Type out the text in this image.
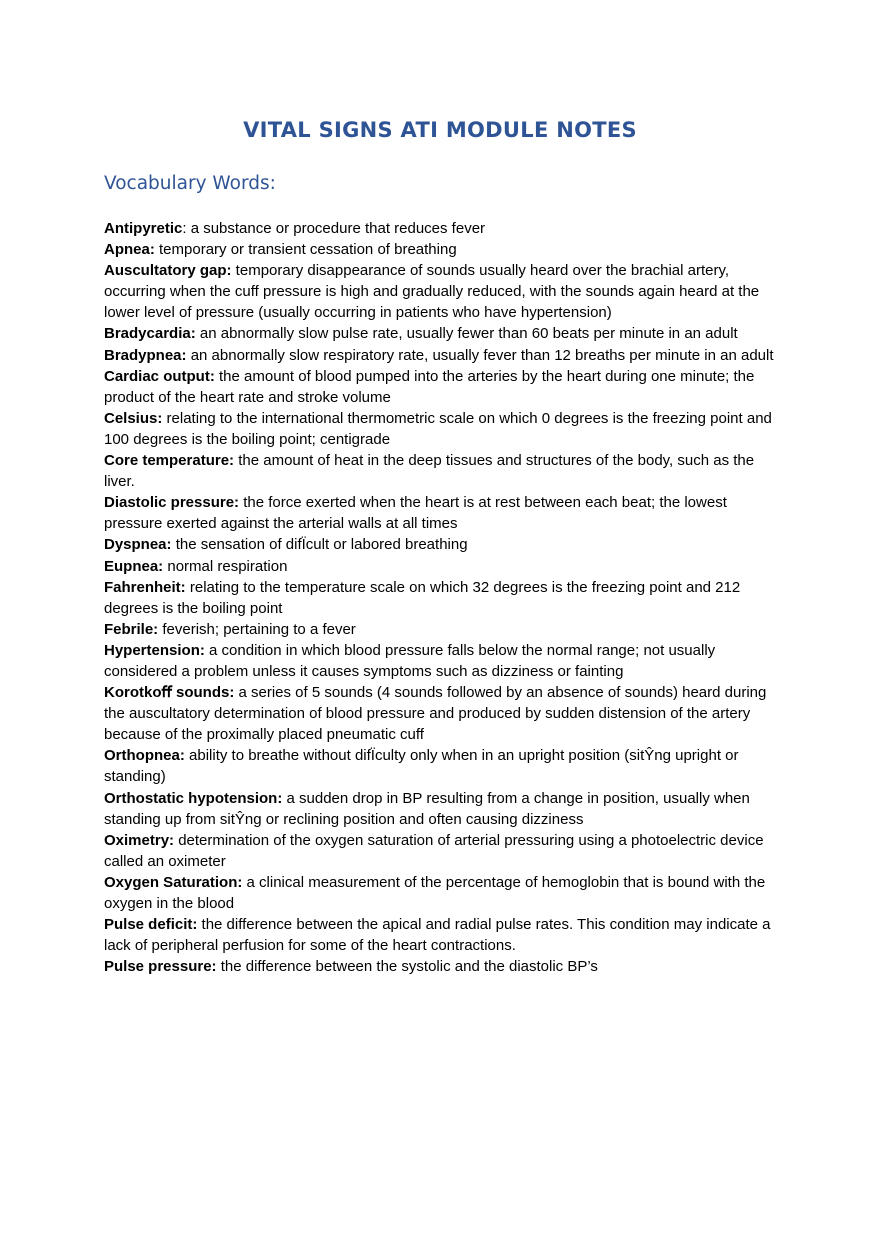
VITAL SIGNS ATI MODULE NOTES
Vocabulary Words:
Antipyretic: a substance or procedure that reduces fever
Apnea: temporary or transient cessation of breathing
Auscultatory gap: temporary disappearance of sounds usually heard over the brachial artery, occurring when the cuff pressure is high and gradually reduced, with the sounds again heard at the lower level of pressure (usually occurring in patients who have hypertension)
Bradycardia: an abnormally slow pulse rate, usually fewer than 60 beats per minute in an adult
Bradypnea: an abnormally slow respiratory rate, usually fever than 12 breaths per minute in an adult
Cardiac output: the amount of blood pumped into the arteries by the heart during one minute; the product of the heart rate and stroke volume
Celsius: relating to the international thermometric scale on which 0 degrees is the freezing point and 100 degrees is the boiling point; centigrade
Core temperature: the amount of heat in the deep tissues and structures of the body, such as the liver.
Diastolic pressure: the force exerted when the heart is at rest between each beat; the lowest pressure exerted against the arterial walls at all times
Dyspnea: the sensation of difÏcult or labored breathing
Eupnea: normal respiration
Fahrenheit: relating to the temperature scale on which 32 degrees is the freezing point and 212 degrees is the boiling point
Febrile: feverish; pertaining to a fever
Hypertension: a condition in which blood pressure falls below the normal range; not usually considered a problem unless it causes symptoms such as dizziness or fainting
Korotkoﬀ sounds: a series of 5 sounds (4 sounds followed by an absence of sounds) heard during the auscultatory determination of blood pressure and produced by sudden distension of the artery because of the proximally placed pneumatic cuff
Orthopnea: ability to breathe without difÏculty only when in an upright position (sitŶng upright or standing)
Orthostatic hypotension: a sudden drop in BP resulting from a change in position, usually when standing up from sitŶng or reclining position and often causing dizziness
Oximetry: determination of the oxygen saturation of arterial pressuring using a photoelectric device called an oximeter
Oxygen Saturation: a clinical measurement of the percentage of hemoglobin that is bound with the oxygen in the blood
Pulse deﬁcit: the difference between the apical and radial pulse rates. This condition may indicate a lack of peripheral perfusion for some of the heart contractions.
Pulse pressure: the difference between the systolic and the diastolic BP’s
